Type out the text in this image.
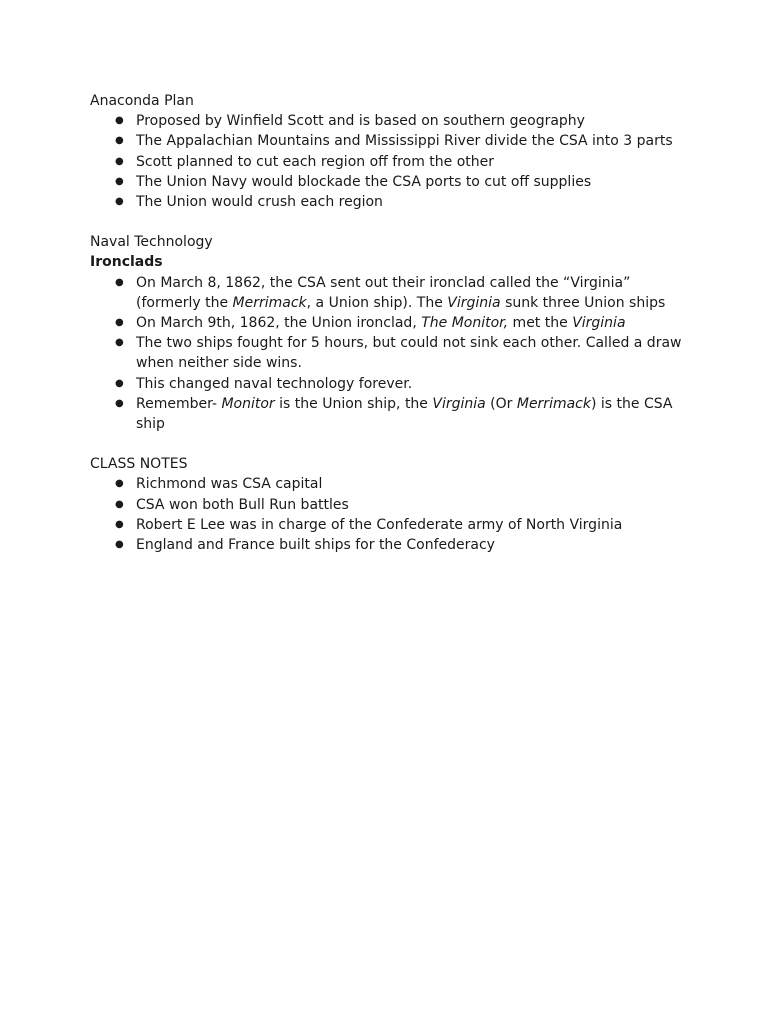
Anaconda Plan

● Proposed by Winfield Scott and is based on southern geography
● The Appalachian Mountains and Mississippi River divide the CSA into 3 parts
● Scott planned to cut each region off from the other
● The Union Navy would blockade the CSA ports to cut off supplies
● The Union would crush each region

Naval Technology

Ironclads

● On March 8, 1862, the CSA sent out their ironclad called the “Virginia” (formerly the Merrimack, a Union ship). The Virginia sunk three Union ships
● On March 9th, 1862, the Union ironclad, The Monitor, met the Virginia
● The two ships fought for 5 hours, but could not sink each other. Called a draw when neither side wins.
● This changed naval technology forever.
● Remember- Monitor is the Union ship, the Virginia (Or Merrimack) is the CSA ship

CLASS NOTES

● Richmond was CSA capital
● CSA won both Bull Run battles
● Robert E Lee was in charge of the Confederate army of North Virginia
● England and France built ships for the Confederacy
